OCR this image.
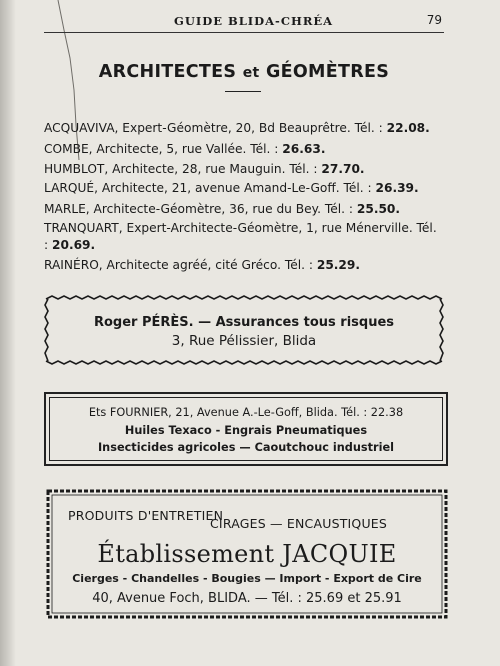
GUIDE BLIDA-CHRÉA	79
ARCHITECTES et GÉOMÈTRES
ACQUAVIVA, Expert-Géomètre, 20, Bd Beauprêtre. Tél. : 22.08.
COMBE, Architecte, 5, rue Vallée. Tél. : 26.63.
HUMBLOT, Architecte, 28, rue Mauguin. Tél. : 27.70.
LARQUÉ, Architecte, 21, avenue Amand-Le-Goff. Tél. : 26.39.
MARLE, Architecte-Géomètre, 36, rue du Bey. Tél. : 25.50.
TRANQUART, Expert-Architecte-Géomètre, 1, rue Ménerville. Tél. : 20.69.
RAINÉRO, Architecte agréé, cité Gréco. Tél. : 25.29.
Roger PÉRÈS. — Assurances tous risques
3, Rue Pélissier, Blida
Ets FOURNIER, 21, Avenue A.-Le-Goff, Blida. Tél. : 22.38
Huiles Texaco - Engrais Pneumatiques
Insecticides agricoles — Caoutchouc industriel
PRODUITS D'ENTRETIEN
CIRAGES — ENCAUSTIQUES
Établissement JACQUIE
Cierges - Chandelles - Bougies — Import - Export de Cire
40, Avenue Foch, BLIDA. — Tél. : 25.69 et 25.91
